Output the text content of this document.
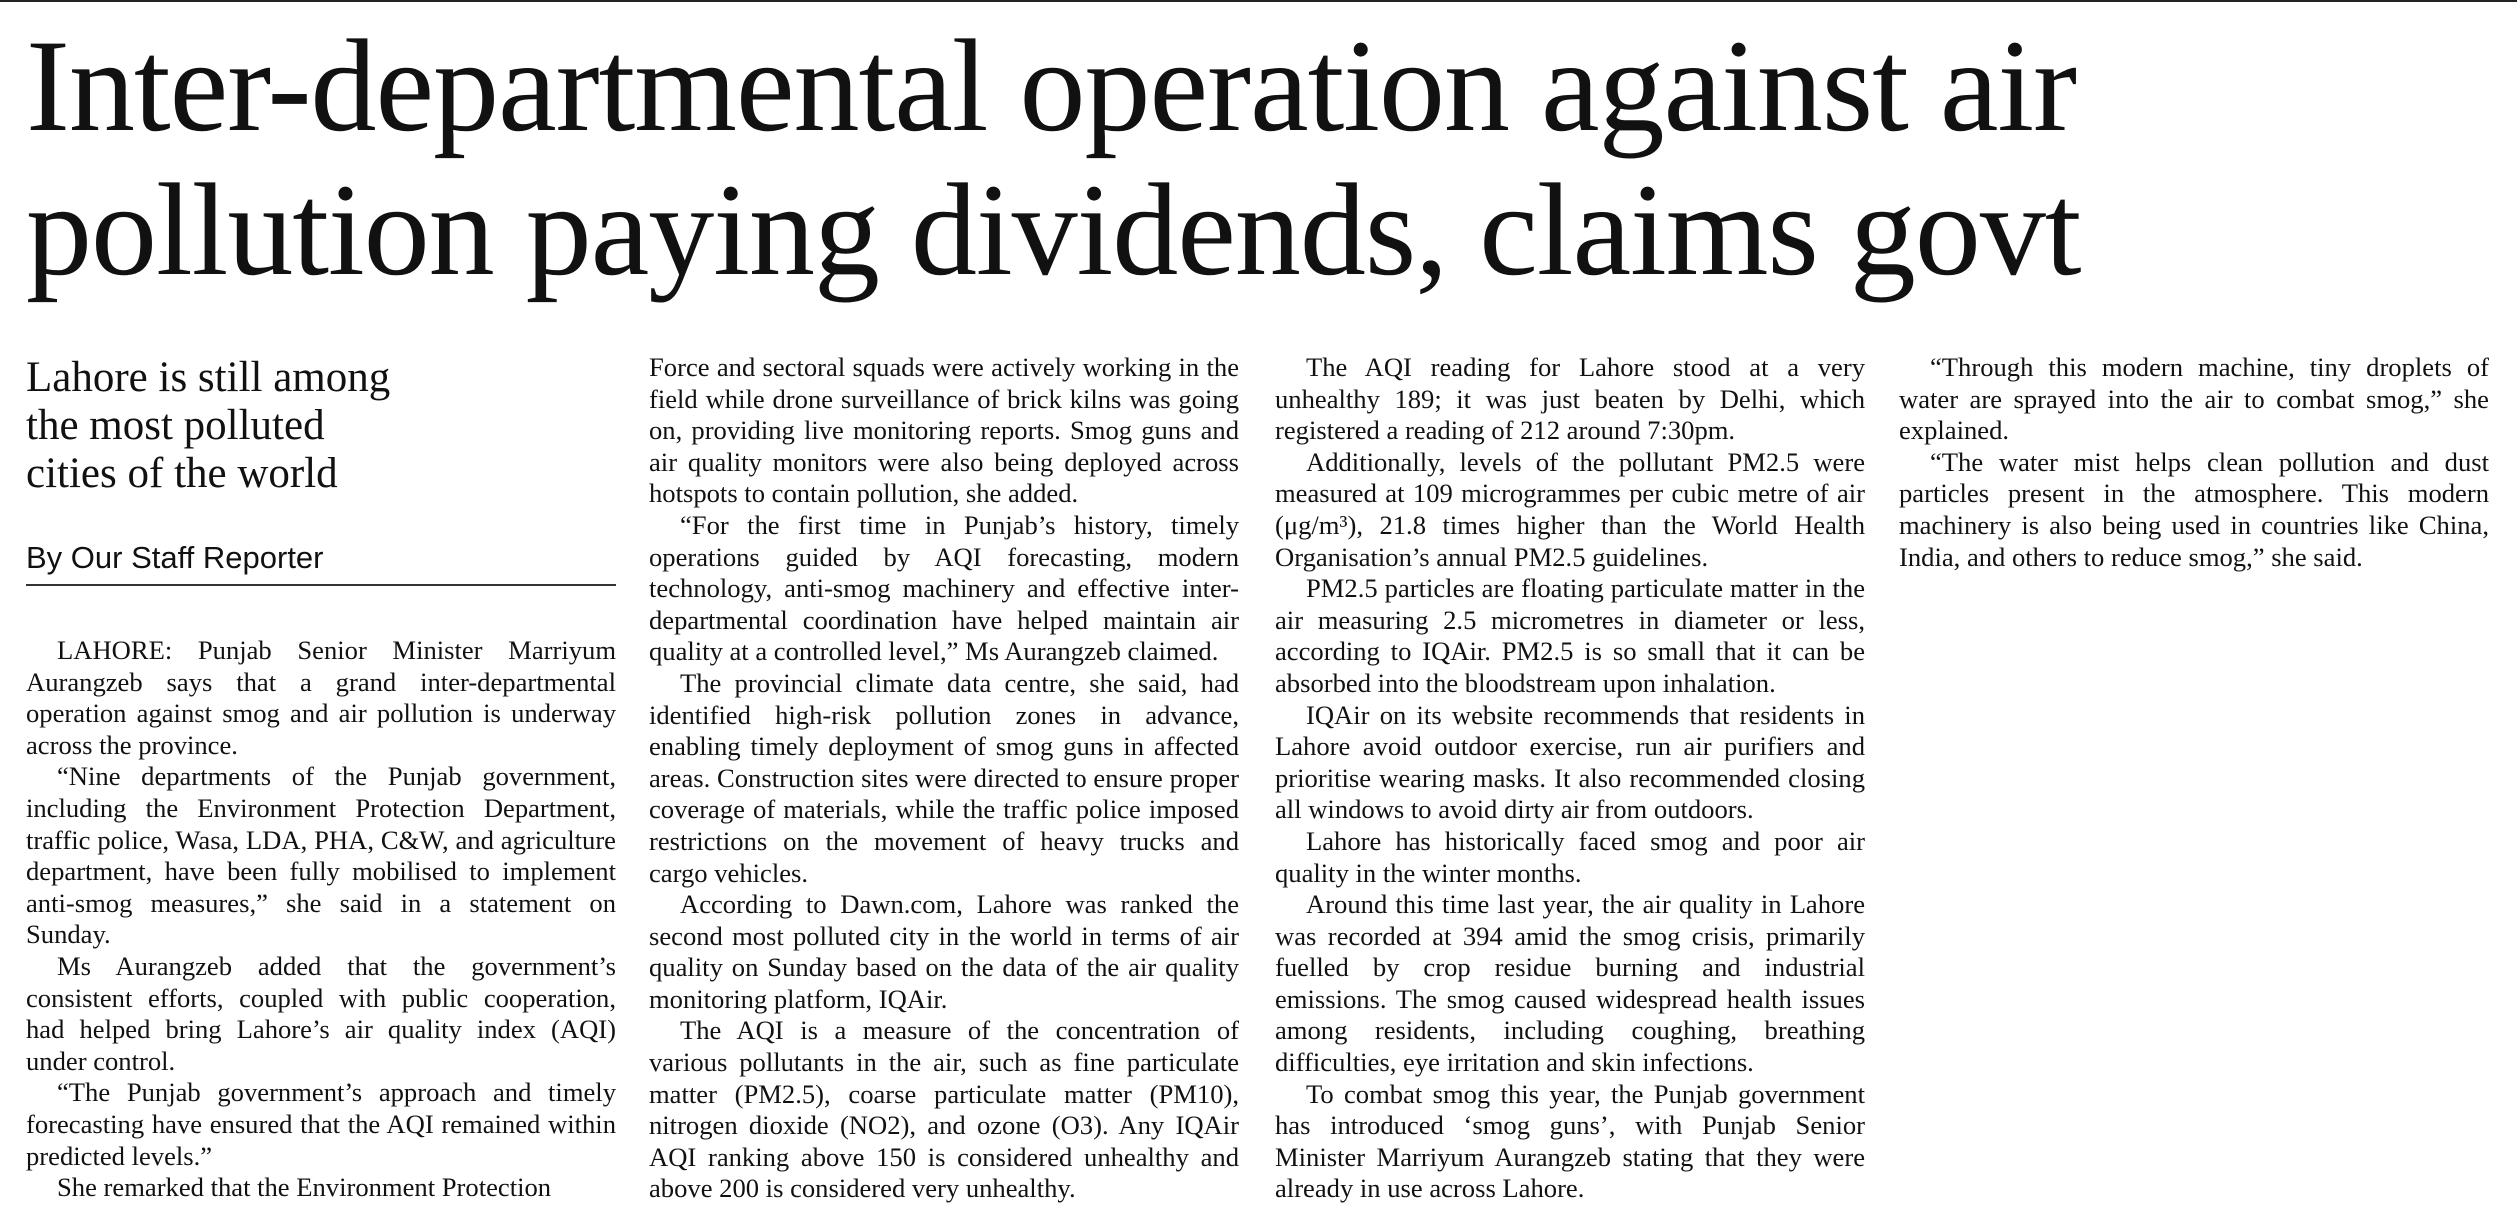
Inter-departmental operation against air
pollution paying dividends, claims govt
Lahore is still among
the most polluted
cities of the world
By Our Staff Reporter

LAHORE: Punjab Senior Minister Marriyum Aurangzeb says that a grand inter-departmental operation against smog and air pollution is underway across the province.

“Nine departments of the Punjab government, including the Environment Protection Department, traffic police, Wasa, LDA, PHA, C&W, and agriculture department, have been fully mobilised to implement anti-smog measures,” she said in a statement on Sunday.

Ms Aurangzeb added that the government’s consistent efforts, coupled with public cooperation, had helped bring Lahore’s air quality index (AQI) under control.

“The Punjab government’s approach and timely forecasting have ensured that the AQI remained within predicted levels.”

She remarked that the Environment Protection

Force and sectoral squads were actively working in the field while drone surveillance of brick kilns was going on, providing live monitoring reports. Smog guns and air quality monitors were also being deployed across hotspots to contain pollution, she added.

“For the first time in Punjab’s history, timely operations guided by AQI forecasting, modern technology, anti-smog machinery and effective inter-departmental coordination have helped maintain air quality at a controlled level,” Ms Aurangzeb claimed.

The provincial climate data centre, she said, had identified high-risk pollution zones in advance, enabling timely deployment of smog guns in affected areas. Construction sites were directed to ensure proper coverage of materials, while the traffic police imposed restrictions on the movement of heavy trucks and cargo vehicles.

According to Dawn.com, Lahore was ranked the second most polluted city in the world in terms of air quality on Sunday based on the data of the air quality monitoring platform, IQAir.

The AQI is a measure of the concentration of various pollutants in the air, such as fine particulate matter (PM2.5), coarse particulate matter (PM10), nitrogen dioxide (NO2), and ozone (O3). Any IQAir AQI ranking above 150 is considered unhealthy and above 200 is considered very unhealthy.

The AQI reading for Lahore stood at a very unhealthy 189; it was just beaten by Delhi, which registered a reading of 212 around 7:30pm.

Additionally, levels of the pollutant PM2.5 were measured at 109 microgrammes per cubic metre of air (μg/m³), 21.8 times higher than the World Health Organisation’s annual PM2.5 guidelines.

PM2.5 particles are floating particulate matter in the air measuring 2.5 micrometres in diameter or less, according to IQAir. PM2.5 is so small that it can be absorbed into the bloodstream upon inhalation.

IQAir on its website recommends that residents in Lahore avoid outdoor exercise, run air purifiers and prioritise wearing masks. It also recommended closing all windows to avoid dirty air from outdoors.

Lahore has historically faced smog and poor air quality in the winter months.

Around this time last year, the air quality in Lahore was recorded at 394 amid the smog crisis, primarily fuelled by crop residue burning and industrial emissions. The smog caused widespread health issues among residents, including coughing, breathing difficulties, eye irritation and skin infections.

To combat smog this year, the Punjab government has introduced ‘smog guns’, with Punjab Senior Minister Marriyum Aurangzeb stating that they were already in use across Lahore.

“Through this modern machine, tiny droplets of water are sprayed into the air to combat smog,” she explained.

“The water mist helps clean pollution and dust particles present in the atmosphere. This modern machinery is also being used in countries like China, India, and others to reduce smog,” she said.
